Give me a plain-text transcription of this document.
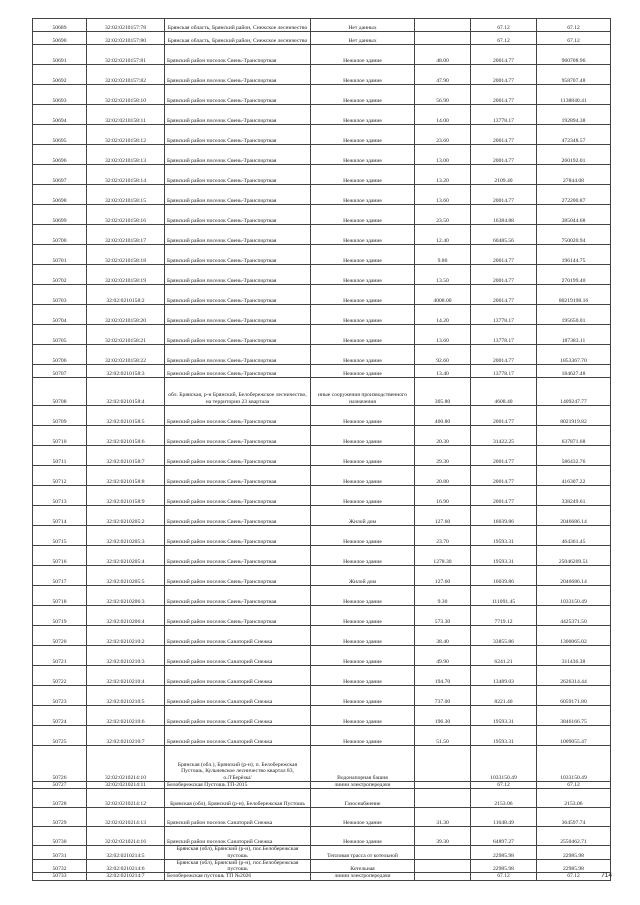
50689	32:02:0210157:78	Брянская область, Брянский район, Снежское лесничество	Нет данных		67.12	67.12
50690	32:02:0210157:80	Брянская область, Брянский район, Снежское лесничество	Нет данных		67.12	67.12
50691	32:02:0210157:81	Брянский район поселок Свень-Транспортная	Нежилое здание	48.00	20014.77	960708.96
50692	32:02:0210157:82	Брянский район поселок Свень-Транспортная	Нежилое здание	47.90	20014.77	958707.48
50693	32:02:0210158:10	Брянский район поселок Свень-Транспортная	Нежилое здание	56.90	20014.77	1138840.41
50694	32:02:0210158:11	Брянский район поселок Свень-Транспортная	Нежилое здание	14.00	13778.17	192894.38
50695	32:02:0210158:12	Брянский район поселок Свень-Транспортная	Нежилое здание	23.60	20014.77	472348.57
50696	32:02:0210158:13	Брянский район поселок Свень-Транспортная	Нежилое здание	13.00	20014.77	260192.01
50697	32:02:0210158:14	Брянский район поселок Свень-Транспортная	Нежилое здание	13.20	2109.40	27844.08
50698	32:02:0210158:15	Брянский район поселок Свень-Транспортная	Нежилое здание	13.60	20014.77	272200.87
50699	32:02:0210158:16	Брянский район поселок Свень-Транспортная	Нежилое здание	23.50	16384.88	385044.68
50700	32:02:0210158:17	Брянский район поселок Свень-Транспортная	Нежилое здание	12.40	60485.56	750020.94
50701	32:02:0210158:18	Брянский район поселок Свень-Транспортная	Нежилое здание	9.80	20014.77	196144.75
50702	32:02:0210158:19	Брянский район поселок Свень-Транспортная	Нежилое здание	13.50	20014.77	270199.40
50703	32:02:0210158:2	Брянский район поселок Свень-Транспортная	Нежилое здание	4008.00	20014.77	80219198.16
50704	32:02:0210158:20	Брянский район поселок Свень-Транспортная	Нежилое здание	14.20	13778.17	195650.01
50705	32:02:0210158:21	Брянский район поселок Свень-Транспортная	Нежилое здание	13.60	13778.17	187383.11
50706	32:02:0210158:22	Брянский район поселок Свень-Транспортная	Нежилое здание	92.60	20014.77	1853367.70
50707	32:02:0210158:3	Брянский район поселок Свень-Транспортная	Нежилое здание	13.40	13778.17	184627.48
50708	32:02:0210158:4	обл. Брянская, р-н Брянский, Белобережское лесничество, на территории 23 квартала	иные сооружения производственного назначения	305.80	4608.40	1409247.77
50709	32:02:0210158:5	Брянский район поселок Свень-Транспортная	Нежилое здание	400.80	20014.77	8021919.82
50710	32:02:0210158:6	Брянский район поселок Свень-Транспортная	Нежилое здание	20.30	31422.25	637871.68
50711	32:02:0210158:7	Брянский район поселок Свень-Транспортная	Нежилое здание	29.30	20014.77	586432.76
50712	32:02:0210158:8	Брянский район поселок Свень-Транспортная	Нежилое здание	20.80	20014.77	416307.22
50713	32:02:0210158:9	Брянский район поселок Свень-Транспортная	Нежилое здание	16.90	20014.77	338249.61
50714	32:02:0210205:2	Брянский район поселок Свень-Транспортная	Жилой дом	127.60	16039.86	2046686.14
50715	32:02:0210205:3	Брянский район поселок Свень-Транспортная	Нежилое здание	23.70	19593.31	464361.45
50716	32:02:0210205:4	Брянский район поселок Свень-Транспортная	Нежилое здание	1278.30	19593.31	25046209.51
50717	32:02:0210205:5	Брянский район поселок Свень-Транспортная	Жилой дом	127.60	16039.86	2046686.14
50718	32:02:0210206:3	Брянский район поселок Свень-Транспортная	Нежилое здание	9.30	111091.45	1033150.49
50719	32:02:0210206:4	Брянский район поселок Свень-Транспортная	Нежилое здание	573.30	7719.12	4425371.50
50720	32:02:0210210:2	Брянский район поселок Санаторий Снежка	Нежилое здание	38.40	33855.86	1300065.02
50721	32:02:0210210:3	Брянский район поселок Санаторий Снежка	Нежилое здание	49.90	6241.21	311436.38
50722	32:02:0210210:4	Брянский район поселок Санаторий Снежка	Нежилое здание	194.70	13489.03	2626314.44
50723	32:02:0210210:5	Брянский район поселок Санаторий Снежка	Нежилое здание	737.00	8221.40	6059171.80
50724	32:02:0210210:6	Брянский район поселок Санаторий Снежка	Нежилое здание	196.30	19593.31	3846166.75
50725	32:02:0210210:7	Брянский район поселок Санаторий Снежка	Нежилое здание	51.50	19593.31	1009055.47
50726	32:02:0210214:10	Брянская (обл.), Брянский (р-н), п. Белобережская Пустошь, Кульневское лесничество квартал 83, о.Л'Берёзка'	Водонапорная башня		1033150.49	1033150.49
50727	32:02:0210214:11	Белобережская Пустошь ТП-2015	линии электропередачи		67.12	67.12
50728	32:02:0210214:12	Брянская (обл), Брянский (р-н), Белобережская Пустошь	Газоснабжение		2153.06	2153.06
50729	32:02:0210214:13	Брянский район поселок Санаторий Снежка	Нежилое здание	31.30	11648.49	364597.74
50730	32:02:0210214:16	Брянский район поселок Санаторий Снежка	Нежилое здание	39.30	64897.27	2550462.71
50731	32:02:0210214:5	Брянская (обл), Брянский (р-н), пос.Белобережская пустошь	Тепловая трасса от котельной		22985.98	22985.98
50732	32:02:0210214:6	Брянская (обл), Брянский (р-н), пос.Белобережская пустошь	Котельная		22985.98	22985.98
50733	32:02:0210214:7	Белобережская пустошь ТП №2026	линии электропередачи		67.12	67.12	714
